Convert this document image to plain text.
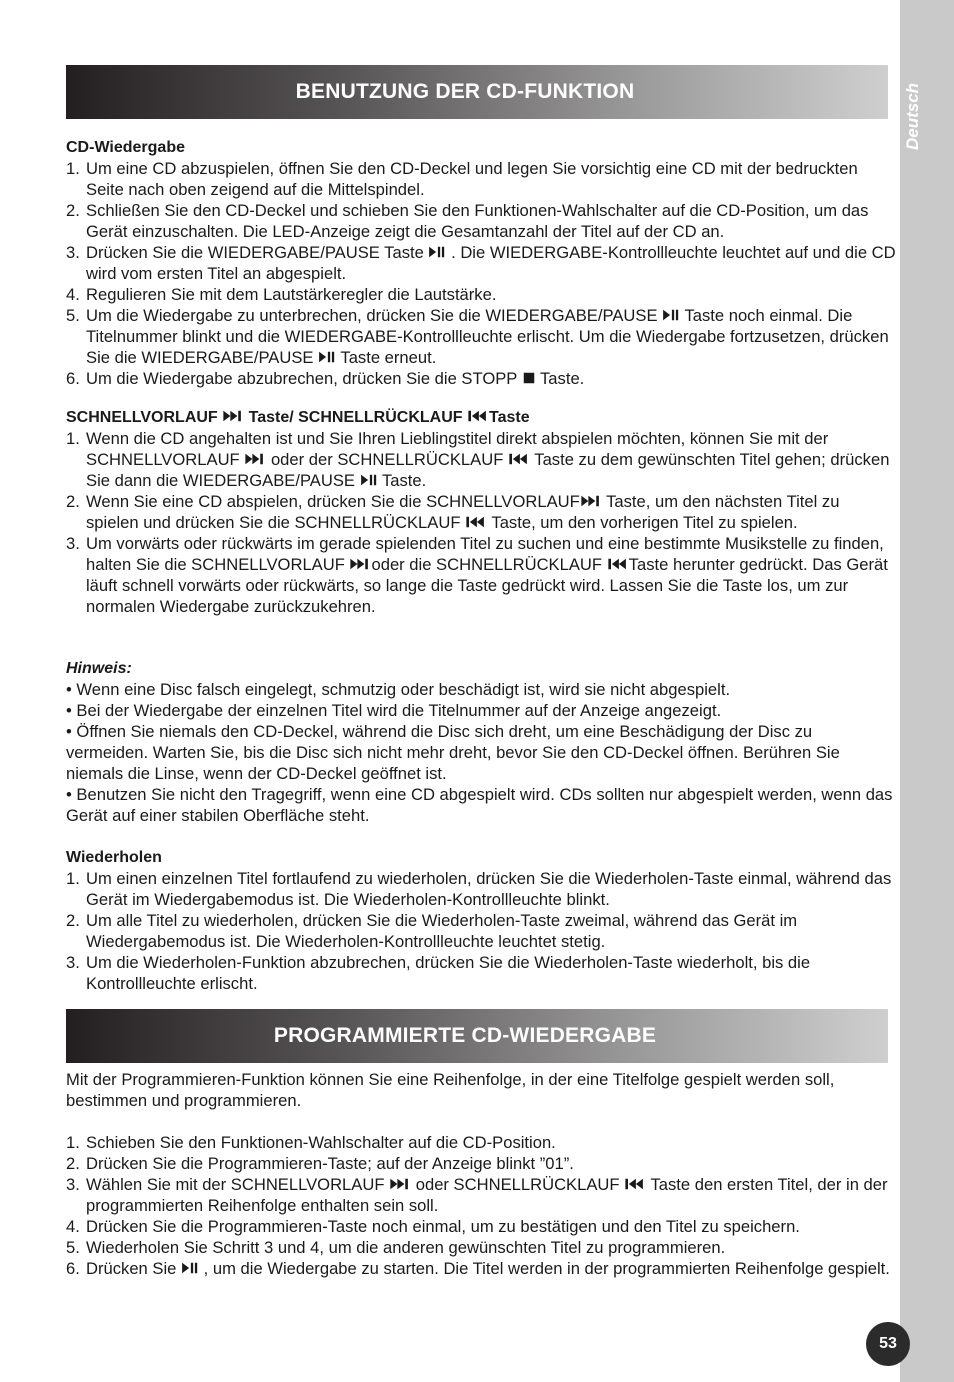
BENUTZUNG DER CD-FUNKTION

CD-Wiedergabe

1. Um eine CD abzuspielen, öffnen Sie den CD-Deckel und legen Sie vorsichtig eine CD mit der bedruckten Seite nach oben zeigend auf die Mittelspindel.
2. Schließen Sie den CD-Deckel und schieben Sie den Funktionen-Wahlschalter auf die CD-Position, um das Gerät einzuschalten. Die LED-Anzeige zeigt die Gesamtanzahl der Titel auf der CD an.
3. Drücken Sie die WIEDERGABE/PAUSE Taste . Die WIEDERGABE-Kontrollleuchte leuchtet auf und die CD wird vom ersten Titel an abgespielt.
4. Regulieren Sie mit dem Lautstärkeregler die Lautstärke.
5. Um die Wiedergabe zu unterbrechen, drücken Sie die WIEDERGABE/PAUSE Taste noch einmal. Die Titelnummer blinkt und die WIEDERGABE-Kontrollleuchte erlischt. Um die Wiedergabe fortzusetzen, drücken Sie die WIEDERGABE/PAUSE Taste erneut.
6. Um die Wiedergabe abzubrechen, drücken Sie die STOPP Taste.

SCHNELLVORLAUF Taste/ SCHNELLRÜCKLAUF Taste

1. Wenn die CD angehalten ist und Sie Ihren Lieblingstitel direkt abspielen möchten, können Sie mit der SCHNELLVORLAUF oder der SCHNELLRÜCKLAUF Taste zu dem gewünschten Titel gehen; drücken Sie dann die WIEDERGABE/PAUSE Taste.
2. Wenn Sie eine CD abspielen, drücken Sie die SCHNELLVORLAUF Taste, um den nächsten Titel zu spielen und drücken Sie die SCHNELLRÜCKLAUF Taste, um den vorherigen Titel zu spielen.
3. Um vorwärts oder rückwärts im gerade spielenden Titel zu suchen und eine bestimmte Musikstelle zu finden, halten Sie die SCHNELLVORLAUF oder die SCHNELLRÜCKLAUF Taste herunter gedrückt. Das Gerät läuft schnell vorwärts oder rückwärts, so lange die Taste gedrückt wird. Lassen Sie die Taste los, um zur normalen Wiedergabe zurückzukehren.

Hinweis:

• Wenn eine Disc falsch eingelegt, schmutzig oder beschädigt ist, wird sie nicht abgespielt.

• Bei der Wiedergabe der einzelnen Titel wird die Titelnummer auf der Anzeige angezeigt.

• Öffnen Sie niemals den CD-Deckel, während die Disc sich dreht, um eine Beschädigung der Disc zu vermeiden. Warten Sie, bis die Disc sich nicht mehr dreht, bevor Sie den CD-Deckel öffnen. Berühren Sie niemals die Linse, wenn der CD-Deckel geöffnet ist.

• Benutzen Sie nicht den Tragegriff, wenn eine CD abgespielt wird. CDs sollten nur abgespielt werden, wenn das Gerät auf einer stabilen Oberfläche steht.

Wiederholen

1. Um einen einzelnen Titel fortlaufend zu wiederholen, drücken Sie die Wiederholen-Taste einmal, während das Gerät im Wiedergabemodus ist. Die Wiederholen-Kontrollleuchte blinkt.
2. Um alle Titel zu wiederholen, drücken Sie die Wiederholen-Taste zweimal, während das Gerät im Wiedergabemodus ist. Die Wiederholen-Kontrollleuchte leuchtet stetig.
3. Um die Wiederholen-Funktion abzubrechen, drücken Sie die Wiederholen-Taste wiederholt, bis die Kontrollleuchte erlischt.
PROGRAMMIERTE CD-WIEDERGABE

Mit der Programmieren-Funktion können Sie eine Reihenfolge, in der eine Titelfolge gespielt werden soll, bestimmen und programmieren.

1. Schieben Sie den Funktionen-Wahlschalter auf die CD-Position.
2. Drücken Sie die Programmieren-Taste; auf der Anzeige blinkt ”01”.
3. Wählen Sie mit der SCHNELLVORLAUF oder SCHNELLRÜCKLAUF  Taste den ersten Titel, der in der programmierten Reihenfolge enthalten sein soll.
4. Drücken Sie die Programmieren-Taste noch einmal, um zu bestätigen und den Titel zu speichern.
5. Wiederholen Sie Schritt 3 und 4, um die anderen gewünschten Titel zu programmieren.
6. Drücken Sie , um die Wiedergabe zu starten. Die Titel werden in der programmierten Reihenfolge gespielt.
53
